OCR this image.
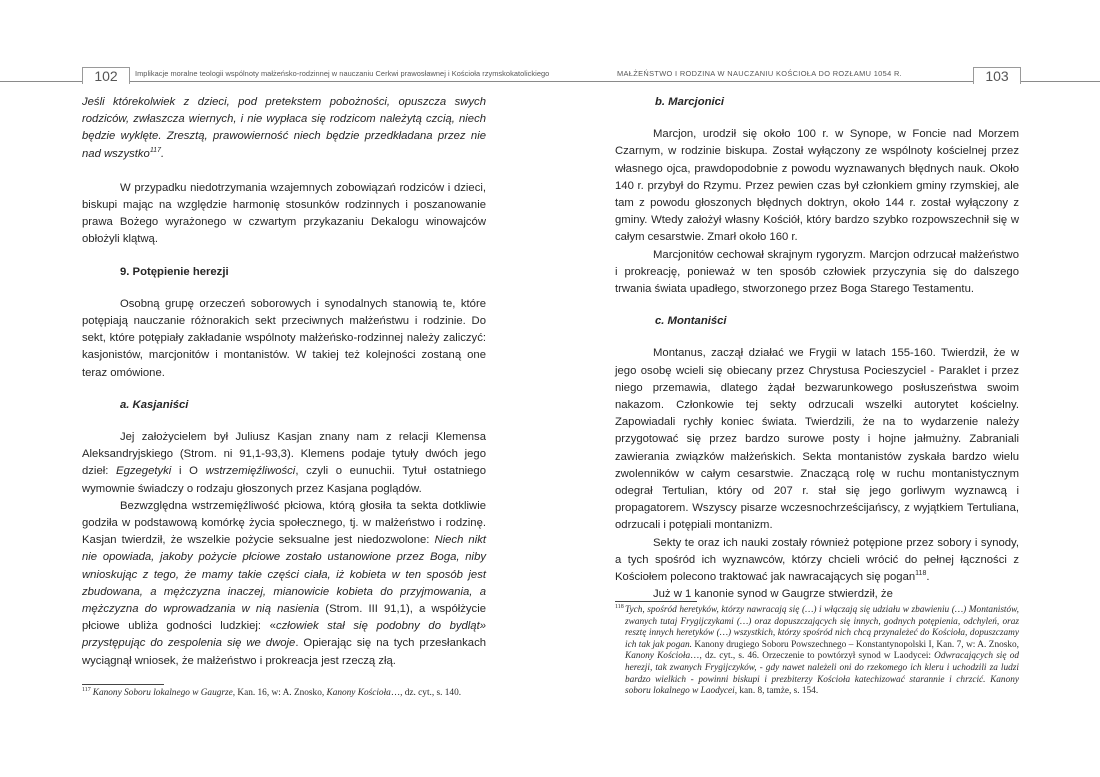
102	Implikacje moralne teologii wspólnoty małżeńsko-rodzinnej w nauczaniu Cerkwi prawosławnej i Kościoła rzymskokatolickiego	MAŁŻEŃSTWO I RODZINA W NAUCZANIU KOŚCIOŁA DO ROZŁAMU 1054 R.	103

Jeśli którekolwiek z dzieci, pod pretekstem pobożności, opuszcza swych rodziców, zwłaszcza wiernych, i nie wypłaca się rodzicom należytą czcią, niech będzie wyklęte. Zresztą, prawowierność niech będzie przedkładana przez nie nad wszystko$^{117}$.

W przypadku niedotrzymania wzajemnych zobowiązań rodziców i dzieci, biskupi mając na względzie harmonię stosunków rodzinnych i poszanowanie prawa Bożego wyrażonego w czwartym przykazaniu Dekalogu winowajców obłożyli klątwą.

9. Potępienie herezji

Osobną grupę orzeczeń soborowych i synodalnych stanowią te, które potępiają nauczanie różnorakich sekt przeciwnych małżeństwu i rodzinie. Do sekt, które potępiały zakładanie wspólnoty małżeńsko-rodzinnej należy zaliczyć: kasjonistów, marcjonitów i montanistów. W takiej też kolejności zostaną one teraz omówione.

a. Kasjaniści

Jej założycielem był Juliusz Kasjan znany nam z relacji Klemensa Aleksandryjskiego (Strom. ni 91,1-93,3). Klemens podaje tytuły dwóch jego dzieł: Egzegetyki i O wstrzemięźliwości, czyli o eunuchii. Tytuł ostatniego wymownie świadczy o rodzaju głoszonych przez Kasjana poglądów.

Bezwzględna wstrzemięźliwość płciowa, którą głosiła ta sekta dotkliwie godziła w podstawową komórkę życia społecznego, tj. w małżeństwo i rodzinę. Kasjan twierdził, że wszelkie pożycie seksualne jest niedozwolone: Niech nikt nie opowiada, jakoby pożycie płciowe zostało ustanowione przez Boga, niby wnioskując z tego, że mamy takie części ciała, iż kobieta w ten sposób jest zbudowana, a mężczyzna inaczej, mianowicie kobieta do przyjmowania, a mężczyzna do wprowadzania w nią nasienia (Strom. III 91,1), a współżycie płciowe ubliża godności ludzkiej: «człowiek stał się podobny do bydląt» przystępując do zespolenia się we dwoje. Opierając się na tych przesłankach wyciągnął wniosek, że małżeństwo i prokreacja jest rzeczą złą.

$^{117}$ Kanony Soboru lokalnego w Gaugrze, Kan. 16, w: A. Znosko, Kanony Kościoła…, dz. cyt., s. 140.
b. Marcjonici

Marcjon, urodził się około 100 r. w Synope, w Foncie nad Morzem Czarnym, w rodzinie biskupa. Został wyłączony ze wspólnoty kościelnej przez własnego ojca, prawdopodobnie z powodu wyznawanych błędnych nauk. Około 140 r. przybył do Rzymu. Przez pewien czas był członkiem gminy rzymskiej, ale tam z powodu głoszonych błędnych doktryn, około 144 r. został wyłączony z gminy. Wtedy założył własny Kościół, który bardzo szybko rozpowszechnił się w całym cesarstwie. Zmarł około 160 r.

Marcjonitów cechował skrajnym rygoryzm. Marcjon odrzucał małżeństwo i prokreację, ponieważ w ten sposób człowiek przyczynia się do dalszego trwania świata upadłego, stworzonego przez Boga Starego Testamentu.

c. Montaniści

Montanus, zaczął działać we Frygii w latach 155-160. Twierdził, że w jego osobę wcieli się obiecany przez Chrystusa Pocieszyciel - Paraklet i przez niego przemawia, dlatego żądał bezwarunkowego posłuszeństwa swoim nakazom. Członkowie tej sekty odrzucali wszelki autorytet kościelny. Zapowiadali rychły koniec świata. Twierdzili, że na to wydarzenie należy przygotować się przez bardzo surowe posty i hojne jałmużny. Zabraniali zawierania związków małżeńskich. Sekta montanistów zyskała bardzo wielu zwolenników w całym cesarstwie. Znaczącą rolę w ruchu montanistycznym odegrał Tertulian, który od 207 r. stał się jego gorliwym wyznawcą i propagatorem. Wszyscy pisarze wczesnochrześcijańscy, z wyjątkiem Tertuliana, odrzucali i potępiali montanizm.

Sekty te oraz ich nauki zostały również potępione przez sobory i synody, a tych spośród ich wyznawców, którzy chcieli wrócić do pełnej łączności z Kościołem polecono traktować jak nawracających się pogan$^{118}$.

Już w 1 kanonie synod w Gaugrze stwierdził, że

$^{118}$ Tych, spośród heretyków, którzy nawracają się (…) i włączają się udziału w zbawieniu (…) Montanistów, zwanych tutaj Frygijczykami (…) oraz dopuszczających się innych, godnych potępienia, odchyleń, oraz resztę innych heretyków (…) wszystkich, którzy spośród nich chcą przynależeć do Kościoła, dopuszczamy ich tak jak pogan. Kanony drugiego Soboru Powszechnego – Konstantynopolski I, Kan. 7, w: A. Znosko, Kanony Kościoła…, dz. cyt., s. 46. Orzeczenie to powtórzył synod w Laodycei: Odwracających się od herezji, tak zwanych Frygijczyków, - gdy nawet należeli oni do rzekomego ich kleru i uchodzili za ludzi bardzo wielkich - powinni biskupi i prezbiterzy Kościoła katechizować starannie i chrzcić. Kanony soboru lokalnego w Laodycei, kan. 8, tamże, s. 154.
